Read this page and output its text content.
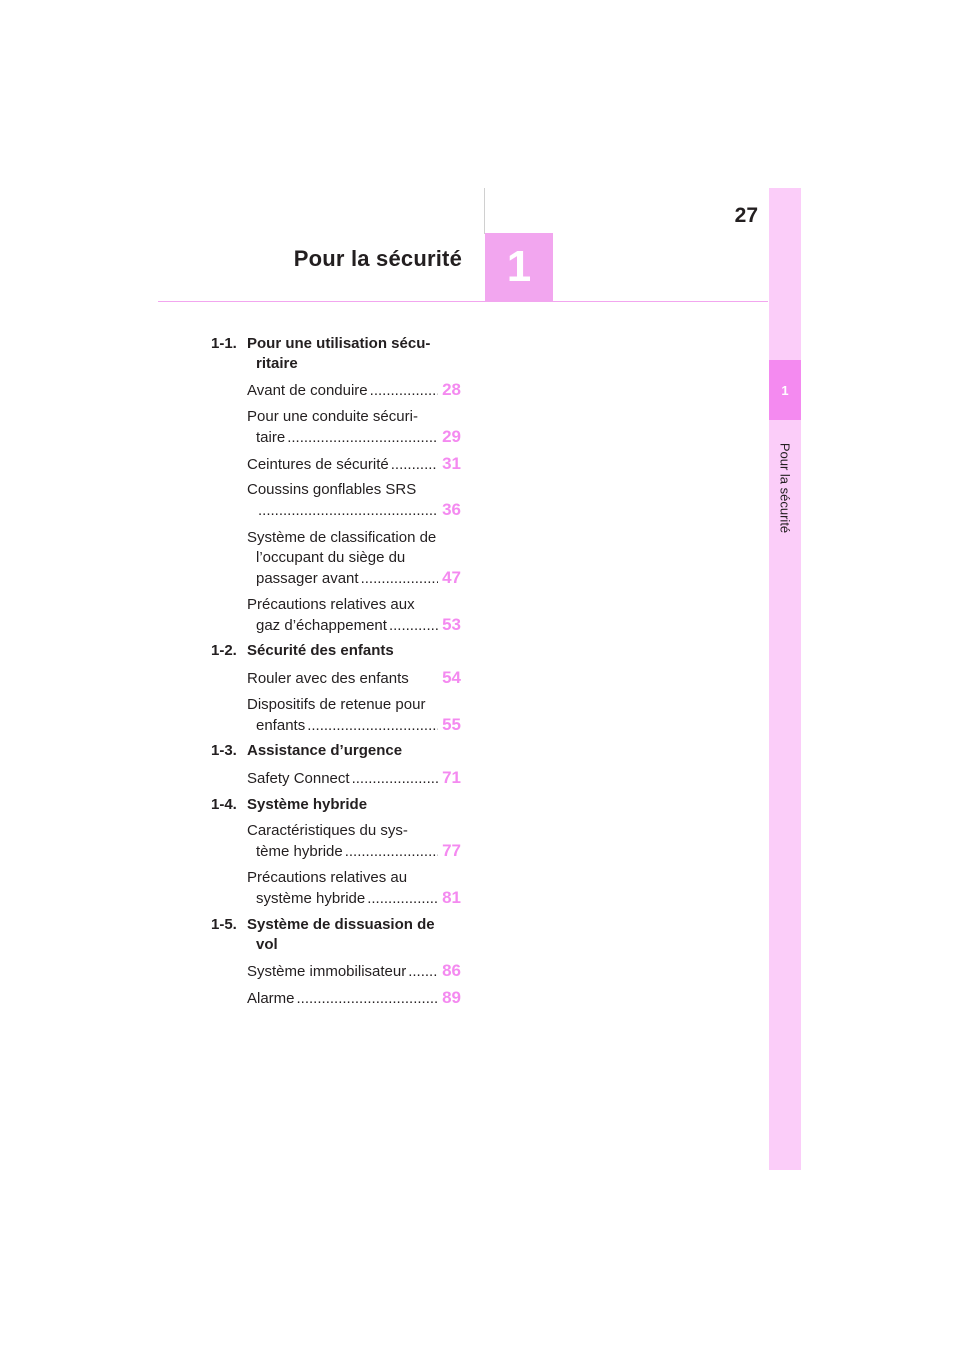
27
Pour la sécurité	1
1
Pour la sécurité
1-1. Pour une utilisation sécu-
ritaire
Avant de conduire .....	28
Pour une conduite sécuri-
taire .....	29
Ceintures de sécurité .....	31
Coussins gonflables SRS
.....
36
Système de classification de
l’occupant du siège du
passager avant .....	47
Précautions relatives aux
gaz d’échappement .....	53
1-2. Sécurité des enfants
Rouler avec des enfants 54
Dispositifs de retenue pour
enfants .....	55
1-3. Assistance d’urgence
Safety Connect .....	71
1-4. Système hybride
Caractéristiques du sys-
tème hybride .....	77
Précautions relatives au
système hybride .....	81
1-5. Système de dissuasion de
vol
Système immobilisateur ..... 86
Alarme .....	89
